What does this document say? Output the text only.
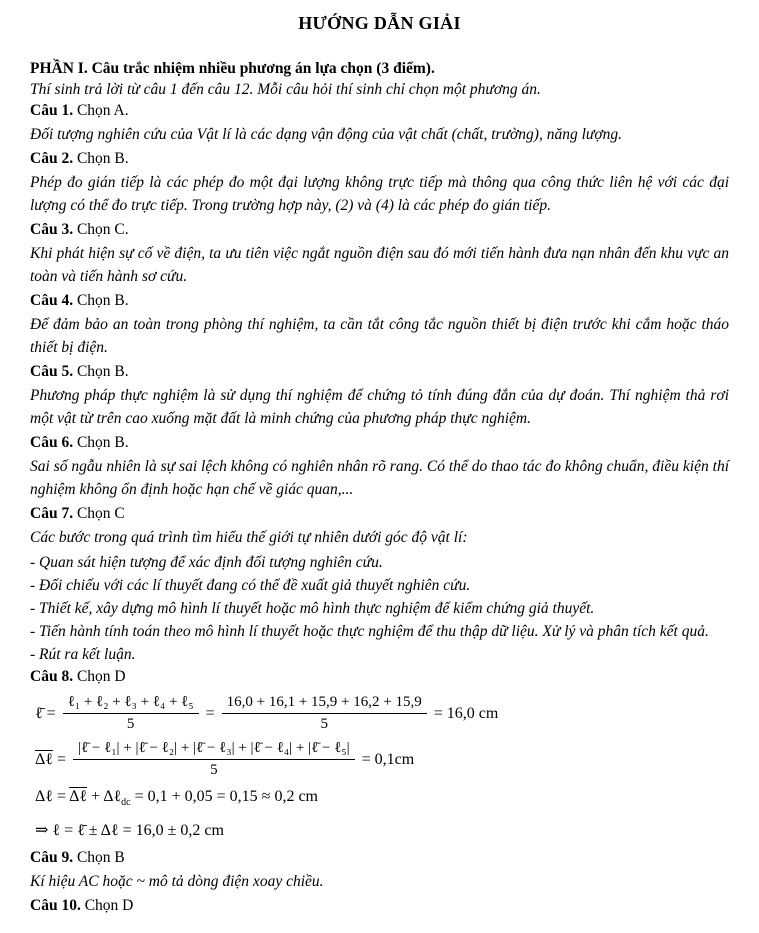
HƯỚNG DẪN GIẢI

PHẦN I. Câu trắc nhiệm nhiều phương án lựa chọn (3 điểm).

Thí sinh trả lời từ câu 1 đến câu 12. Mỗi câu hỏi thí sinh chỉ chọn một phương án.

Câu 1. Chọn A.

Đối tượng nghiên cứu của Vật lí là các dạng vận động của vật chất (chất, trường), năng lượng.

Câu 2. Chọn B.

Phép đo gián tiếp là các phép đo một đại lượng không trực tiếp mà thông qua công thức liên hệ với các đại lượng có thể đo trực tiếp. Trong trường hợp này, (2) và (4) là các phép đo gián tiếp.

Câu 3. Chọn C.

Khi phát hiện sự cố về điện, ta ưu tiên việc ngắt nguồn điện sau đó mới tiến hành đưa nạn nhân đến khu vực an toàn và tiến hành sơ cứu.

Câu 4. Chọn B.

Để đảm bảo an toàn trong phòng thí nghiệm, ta cần tắt công tắc nguồn thiết bị điện trước khi cắm hoặc tháo thiết bị điện.

Câu 5. Chọn B.

Phương pháp thực nghiệm là sử dụng thí nghiệm để chứng tỏ tính đúng đắn của dự đoán. Thí nghiệm thả rơi một vật từ trên cao xuống mặt đất là minh chứng của phương pháp thực nghiệm.

Câu 6. Chọn B.

Sai số ngẫu nhiên là sự sai lệch không có nghiên nhân rõ rang. Có thể do thao tác đo không chuẩn, điều kiện thí nghiệm không ổn định hoặc hạn chế về giác quan,...

Câu 7. Chọn C

Các bước trong quá trình tìm hiểu thế giới tự nhiên dưới góc độ vật lí:

- Quan sát hiện tượng để xác định đối tượng nghiên cứu.

- Đối chiếu với các lí thuyết đang có thể đề xuất giả thuyết nghiên cứu.

- Thiết kế, xây dựng mô hình lí thuyết hoặc mô hình thực nghiệm để kiểm chứng giả thuyết.

- Tiến hành tính toán theo mô hình lí thuyết hoặc thực nghiệm để thu thập dữ liệu. Xử lý và phân tích kết quả.

- Rút ra kết luận.

Câu 8. Chọn D

ℓ̄ = $\frac{\text{ℓ₁ + ℓ₂ + ℓ₃ + ℓ₄ + ℓ₅}}{5} = \frac{16,0 + 16,1 + 15,9 + 16,2 + 15,9}{5} = 16,0$ cm
Δℓ = $\frac{\text{|ℓ̄ − ℓ₁| + |ℓ̄ − ℓ₂| + |ℓ̄ − ℓ₃| + |ℓ̄ − ℓ₄| + |ℓ̄ − ℓ₅|}}{5} = 0,1cm$

Δℓ = Δℓ + Δℓ$_{dc}$ = 0,1 + 0,05 = 0,15 ≈ 0,2 cm

⇒ ℓ = ℓ̄ ± Δℓ = 16,0 ± 0,2 cm

Câu 9. Chọn B

Kí hiệu AC hoặc ~ mô tả dòng điện xoay chiều.

Câu 10. Chọn D
